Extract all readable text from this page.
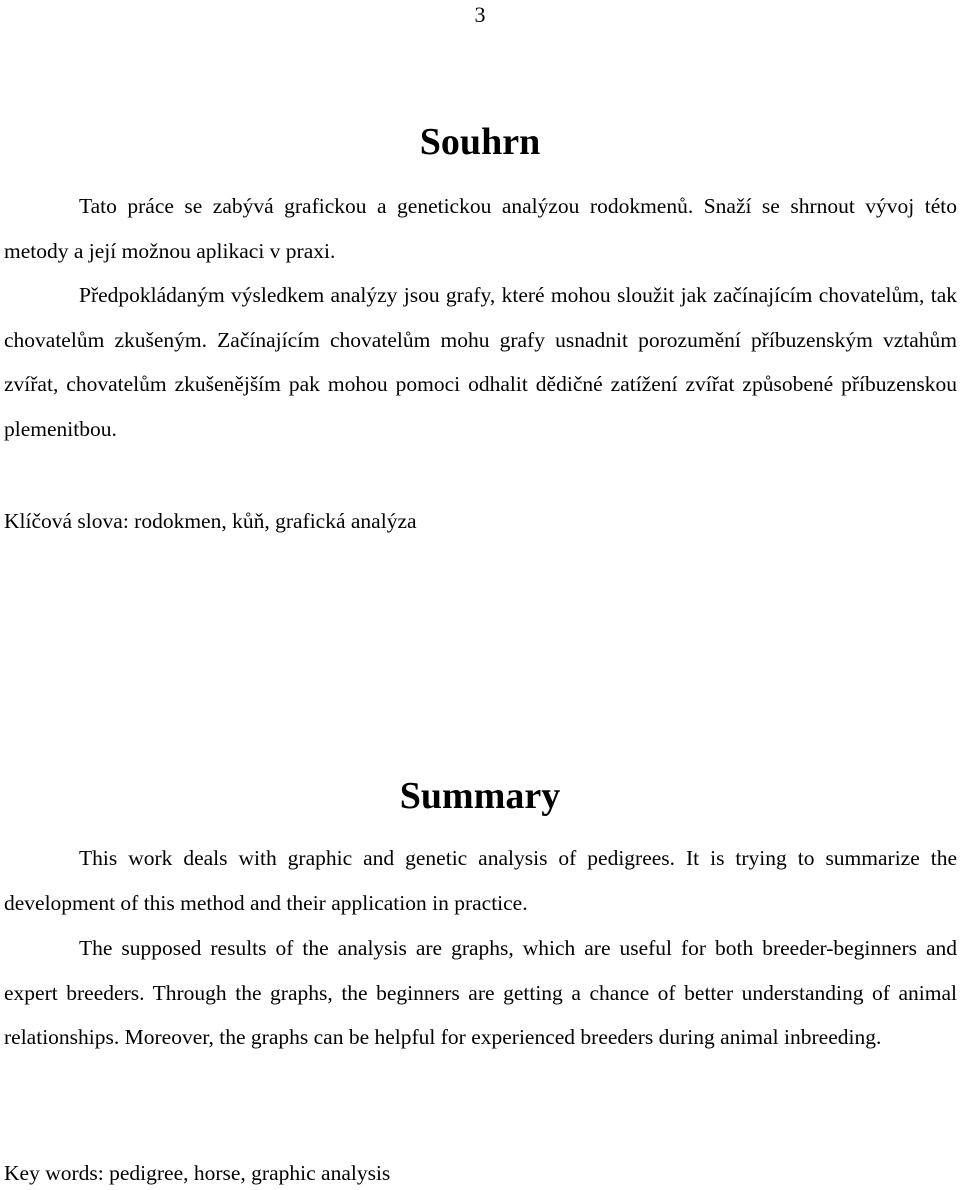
3
Souhrn

Tato práce se zabývá grafickou a genetickou analýzou rodokmenů. Snaží se shrnout vývoj této metody a její možnou aplikaci v praxi.

Předpokládaným výsledkem analýzy jsou grafy, které mohou sloužit jak začínajícím chovatelům, tak chovatelům zkušeným. Začínajícím chovatelům mohu grafy usnadnit porozumění příbuzenským vztahům zvířat, chovatelům zkušenějším pak mohou pomoci odhalit dědičné zatížení zvířat způsobené příbuzenskou plemenitbou.

Klíčová slova: rodokmen, kůň, grafická analýza

Summary

This work deals with graphic and genetic analysis of pedigrees. It is trying to summarize the development of this method and their application in practice.

The supposed results of the analysis are graphs, which are useful for both breeder-beginners and expert breeders. Through the graphs, the beginners are getting a chance of better understanding of animal relationships. Moreover, the graphs can be helpful for experienced breeders during animal inbreeding.

Key words: pedigree, horse, graphic analysis
